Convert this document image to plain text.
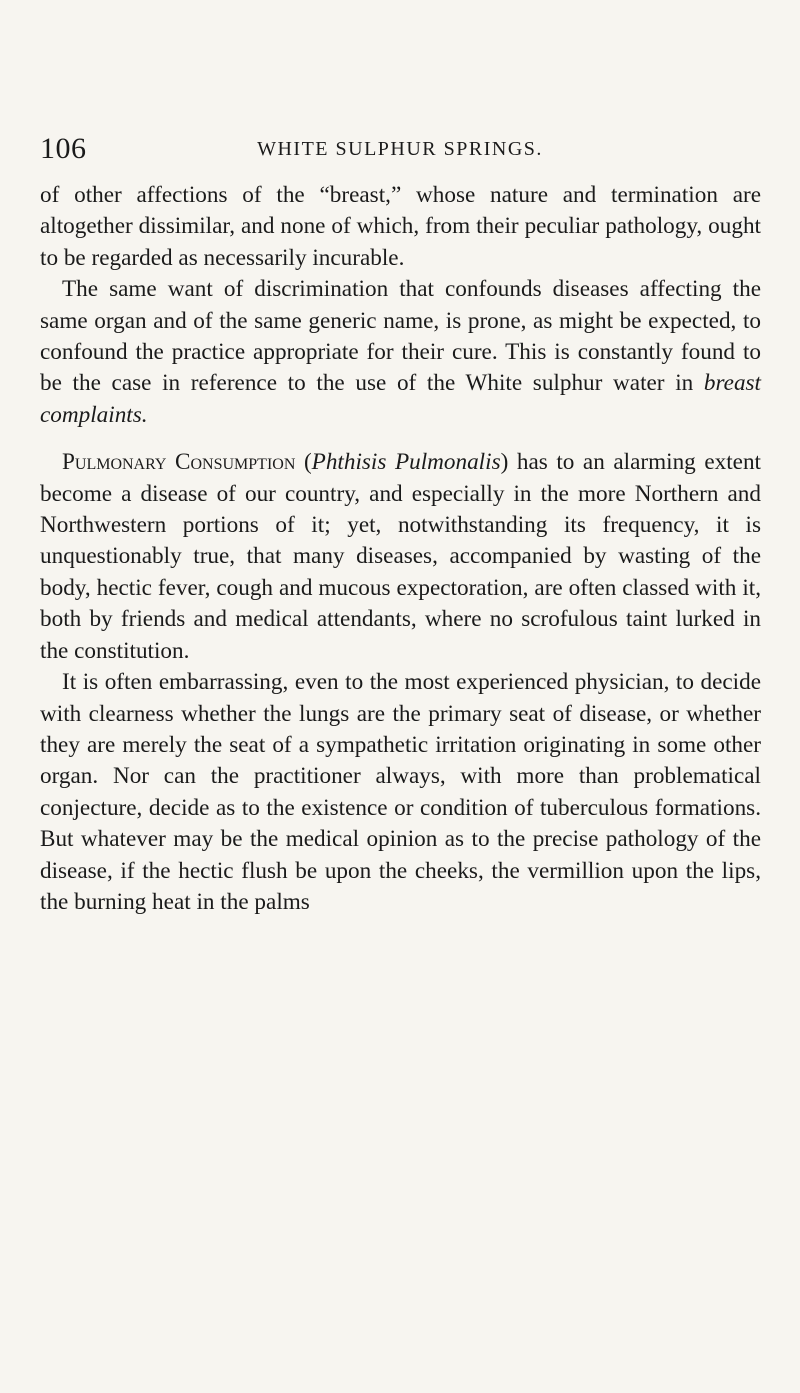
106	WHITE SULPHUR SPRINGS.

of other affections of the “breast,” whose nature and termination are altogether dissimilar, and none of which, from their peculiar pathology, ought to be regarded as necessarily incurable.

The same want of discrimination that confounds diseases affecting the same organ and of the same generic name, is prone, as might be expected, to confound the practice appropriate for their cure. This is constantly found to be the case in reference to the use of the White sulphur water in breast complaints.

Pulmonary Consumption (Phthisis Pulmonalis) has to an alarming extent become a disease of our country, and especially in the more Northern and Northwestern portions of it; yet, notwithstanding its frequency, it is unquestionably true, that many diseases, accompanied by wasting of the body, hectic fever, cough and mucous expectoration, are often classed with it, both by friends and medical attendants, where no scrofulous taint lurked in the constitution.

It is often embarrassing, even to the most experienced physician, to decide with clearness whether the lungs are the primary seat of disease, or whether they are merely the seat of a sympathetic irritation originating in some other organ. Nor can the practitioner always, with more than problematical conjecture, decide as to the existence or condition of tuberculous formations. But whatever may be the medical opinion as to the precise pathology of the disease, if the hectic flush be upon the cheeks, the vermillion upon the lips, the burning heat in the palms
